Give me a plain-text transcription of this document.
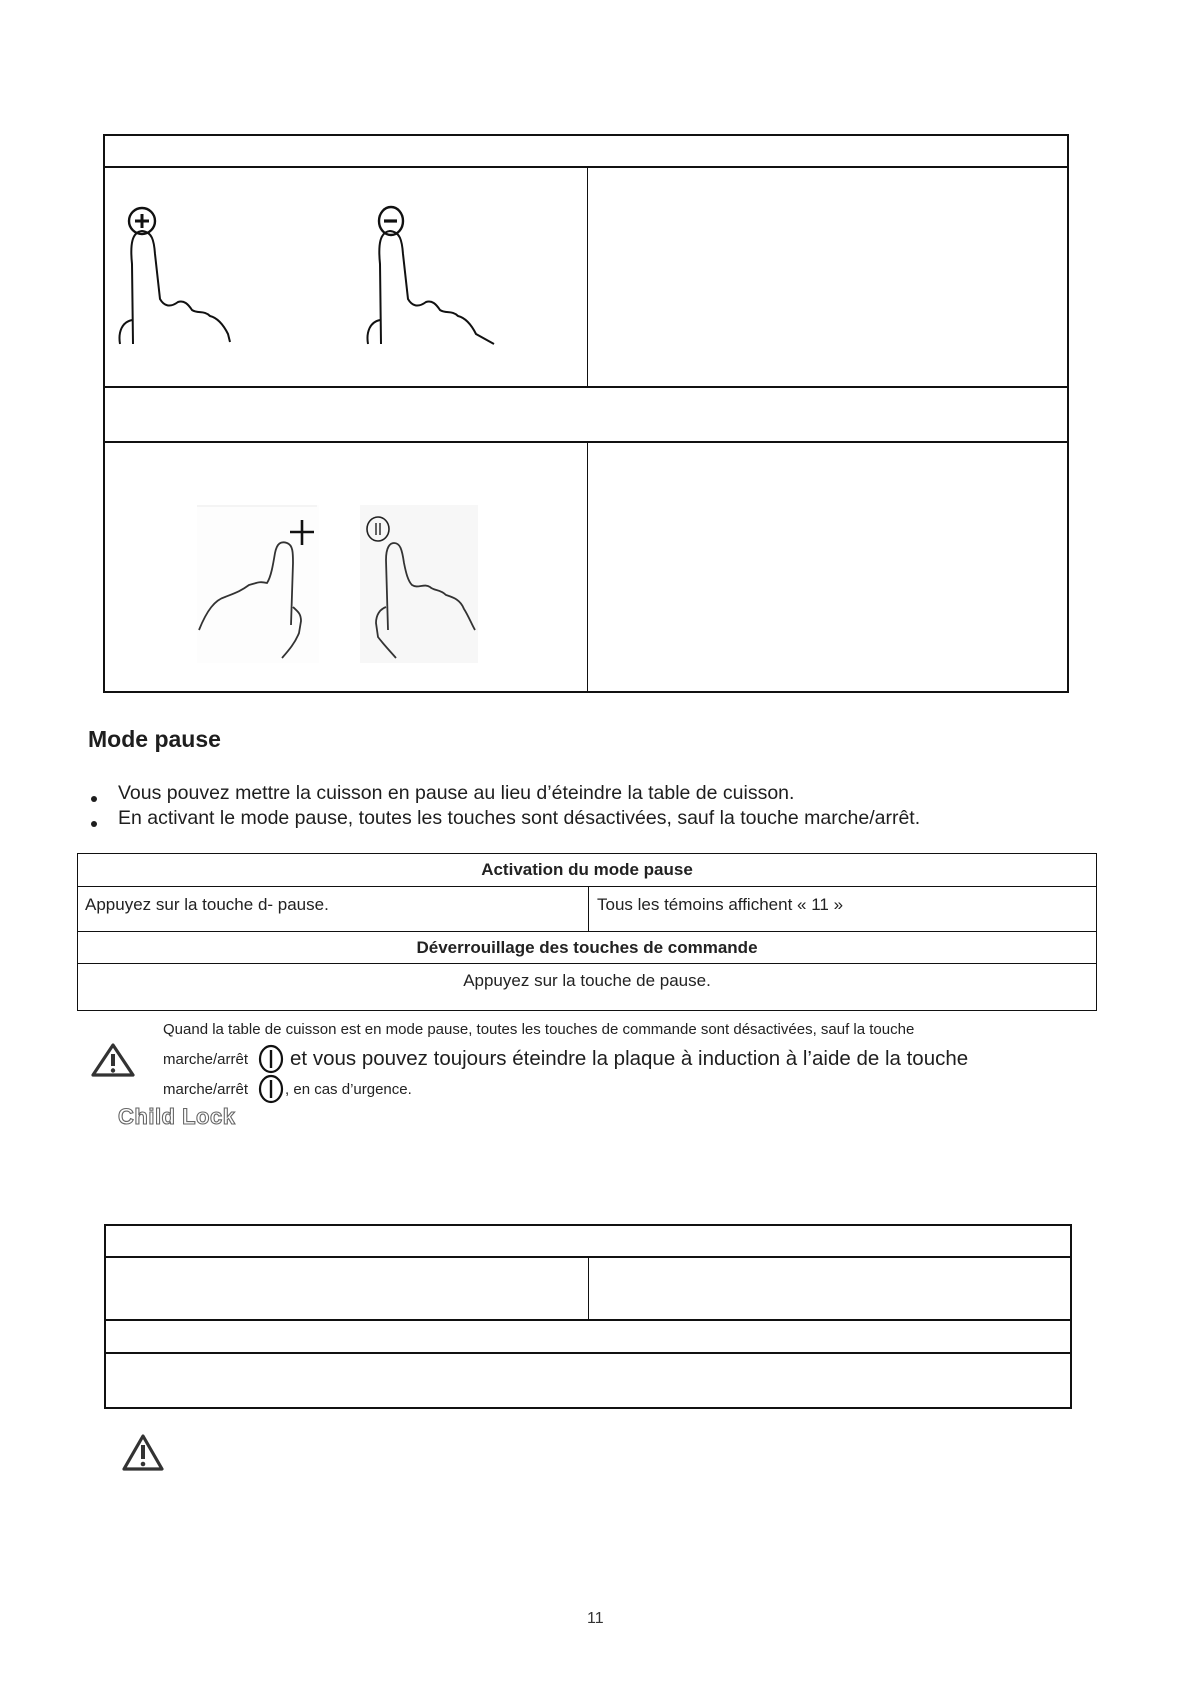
Mode pause
Vous pouvez mettre la cuisson en pause au lieu d’éteindre la table de cuisson.
En activant le mode pause, toutes les touches sont désactivées, sauf la touche marche/arrêt.
Activation du mode pause
Appuyez sur la touche d‐ pause.	Tous les témoins affichent « 11 »
Déverrouillage des touches de commande
Appuyez sur la touche de pause.
Quand la table de cuisson est en mode pause, toutes les touches de commande sont désactivées, sauf la touche
marche/arrêt et vous pouvez toujours éteindre la plaque à induction à l’aide de la touche
marche/arrêt , en cas d’urgence.
Child Lock
11
